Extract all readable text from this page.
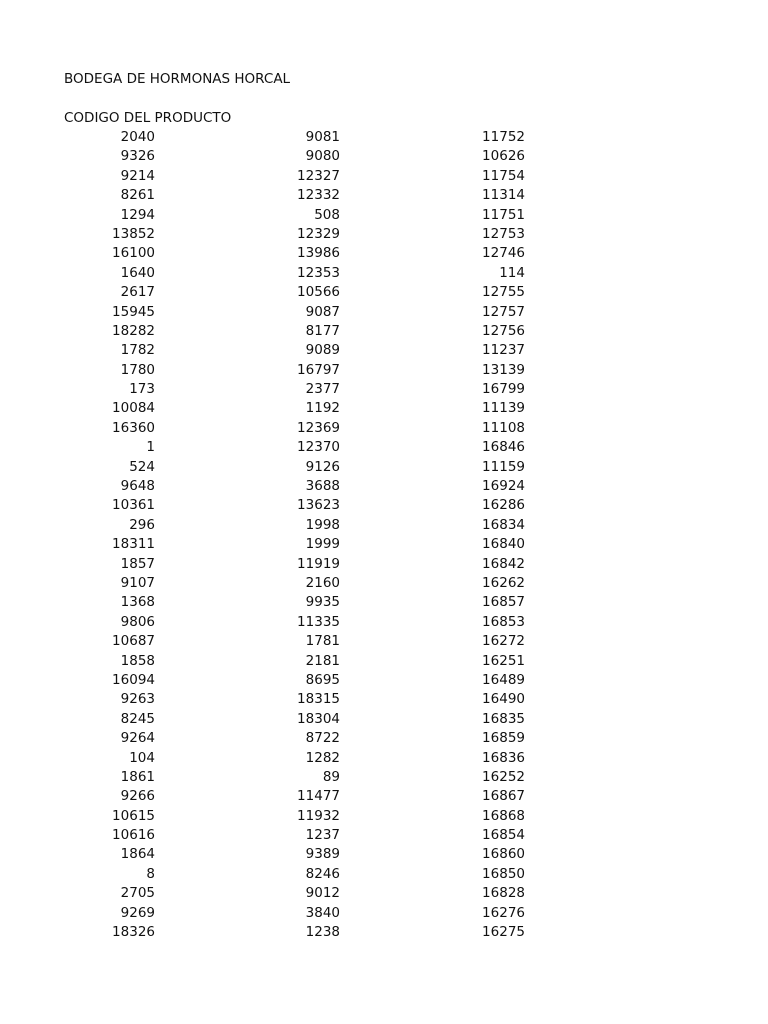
BODEGA DE HORMONAS HORCAL
CODIGO DEL PRODUCTO
2040
9326
9214
8261
1294
13852
16100
1640
2617
15945
18282
1782
1780
173
10084
16360
1
524
9648
10361
296
18311
1857
9107
1368
9806
10687
1858
16094
9263
8245
9264
104
1861
9266
10615
10616
1864
8
2705
9269
18326
9081
9080
12327
12332
508
12329
13986
12353
10566
9087
8177
9089
16797
2377
1192
12369
12370
9126
3688
13623
1998
1999
11919
2160
9935
11335
1781
2181
8695
18315
18304
8722
1282
89
11477
11932
1237
9389
8246
9012
3840
1238
11752
10626
11754
11314
11751
12753
12746
114
12755
12757
12756
11237
13139
16799
11139
11108
16846
11159
16924
16286
16834
16840
16842
16262
16857
16853
16272
16251
16489
16490
16835
16859
16836
16252
16867
16868
16854
16860
16850
16828
16276
16275
